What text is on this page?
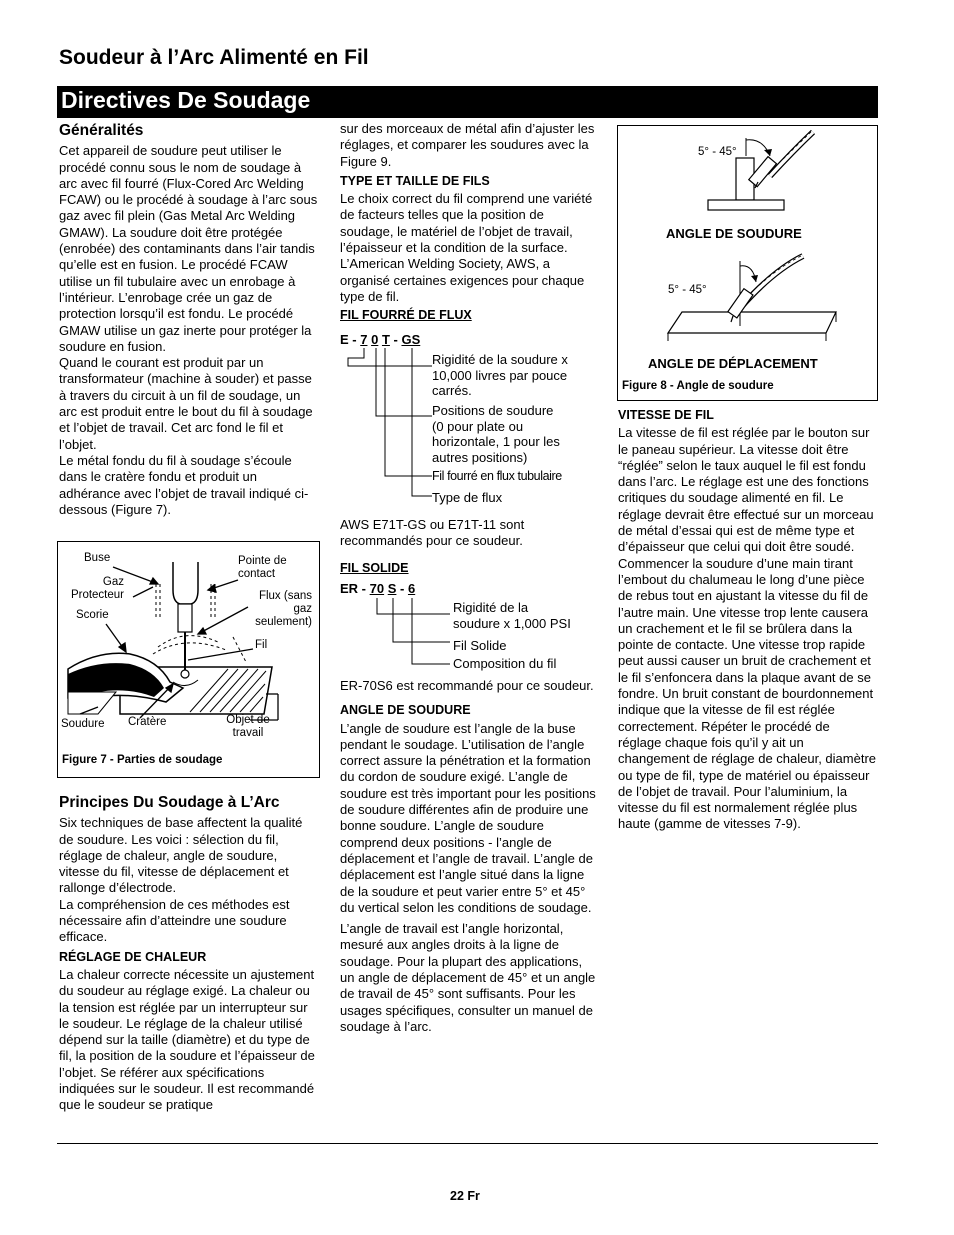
Soudeur à l’Arc Alimenté en Fil
Directives De Soudage
Généralités

Cet appareil de soudure peut utiliser le procédé connu sous le nom de soudage à arc avec fil fourré (Flux-Cored Arc Welding FCAW) ou le procédé à soudage à l’arc sous gaz avec fil plein (Gas Metal Arc Welding GMAW). La soudure doit être protégée (enrobée) des contaminants dans l’air tandis qu’elle est en fusion. Le procédé FCAW utilise un fil tubulaire avec un enrobage à l’intérieur. L’enrobage crée un gaz de protection lorsqu’il est fondu. Le procédé GMAW utilise un gaz inerte pour protéger la soudure en fusion.

Quand le courant est produit par un transformateur (machine à souder) et passe à travers du circuit à un fil de soudage, un arc est produit entre le bout du fil à soudage et l’objet de travail. Cet arc fond le fil et l’objet.

Le métal fondu du fil à soudage s’écoule dans le cratère fondu et produit un adhérance avec l’objet de travail indiqué ci-dessous (Figure 7).

Principes Du Soudage à L’Arc

Six techniques de base affectent la qualité de soudure. Les voici : sélection du fil, réglage de chaleur, angle de soudure, vitesse du fil, vitesse de déplacement et rallonge d’électrode.

La compréhension de ces méthodes est nécessaire afin d’atteindre une soudure efficace.

RÉGLAGE DE CHALEUR

La chaleur correcte nécessite un ajustement du soudeur au réglage exigé. La chaleur ou la tension est réglée par un interrupteur sur le soudeur. Le réglage de la chaleur utilisé dépend sur la taille (diamètre) et du type de fil, la position de la soudure et l’épaisseur de l’objet. Se référer aux spécifications indiquées sur le soudeur. Il est recommandé que le soudeur se pratique

Buse
Gaz
Protecteur
Scorie
Pointe de
contact
Flux (sans
gaz
seulement)
Fil
Soudure Cratère	Objet de
travail
Figure 7 - Parties de soudage

sur des morceaux de métal afin d’ajuster les réglages, et comparer les soudures avec la Figure 9.

TYPE ET TAILLE DE FILS

Le choix correct du fil comprend une variété de facteurs telles que la position de soudage, le matériel de l’objet de travail, l’épaisseur et la condition de la surface. L’American Welding Society, AWS, a organisé certaines exigences pour chaque type de fil.

FIL FOURRÉ DE FLUX
E - 7 0 T - GS
Rigidité de la soudure x
10,000 livres par pouce
carrés.
Positions de soudure
(0 pour plate ou
horizontale, 1 pour les
autres positions)
Fil fourré en flux tubulaire
Type de flux

AWS E71T-GS ou E71T-11 sont recommandés pour ce soudeur.

FIL SOLIDE
ER - 70 S - 6
Rigidité de la
soudure x 1,000 PSI
Fil Solide
Composition du fil

ER-70S6 est recommandé pour ce soudeur.

ANGLE DE SOUDURE

L’angle de soudure est l’angle de la buse pendant le soudage. L’utilisation de l’angle correct assure la pénétration et la formation du cordon de soudure exigé. L’angle de soudure est très important pour les positions de soudure différentes afin de produire une bonne soudure. L’angle de soudure comprend deux positions - l’angle de déplacement et l’angle de travail. L’angle de déplacement est l’angle situé dans la ligne de la soudure et peut varier entre 5° et 45° du vertical selon les conditions de soudage.

L’angle de travail est l’angle horizontal, mesuré aux angles droits à la ligne de soudage. Pour la plupart des applications, un angle de déplacement de 45° et un angle de travail de 45° sont suffisants. Pour les usages spécifiques, consulter un manuel de soudage à l’arc.

5° - 45°
ANGLE DE SOUDURE
5° - 45°
ANGLE DE DÉPLACEMENT
Figure 8 - Angle de soudure
VITESSE DE FIL

La vitesse de fil est réglée par le bouton sur le paneau supérieur. La vitesse doit être “réglée” selon le taux auquel le fil est fondu dans l’arc. Le réglage est une des fonctions critiques du soudage alimenté en fil. Le réglage devrait être effectué sur un morceau de métal d’essai qui est de même type et d’épaisseur que celui qui doit être soudé. Commencer la soudure d’une main tirant l’embout du chalumeau le long d’une pièce de rebus tout en ajustant la vitesse du fil de l’autre main. Une vitesse trop lente causera un crachement et le fil se brûlera dans la pointe de contacte. Une vitesse trop rapide peut aussi causer un bruit de crachement et le fil s’enfoncera dans la plaque avant de se fondre. Un bruit constant de bourdonnement indique que la vitesse de fil est réglée correctement. Répéter le procédé de réglage chaque fois qu’il y ait un changement de réglage de chaleur, diamètre ou type de fil, type de matériel ou épaisseur de l’objet de travail. Pour l’aluminium, la vitesse du fil est normalement réglée plus haute (gamme de vitesses 7-9).

22 Fr
